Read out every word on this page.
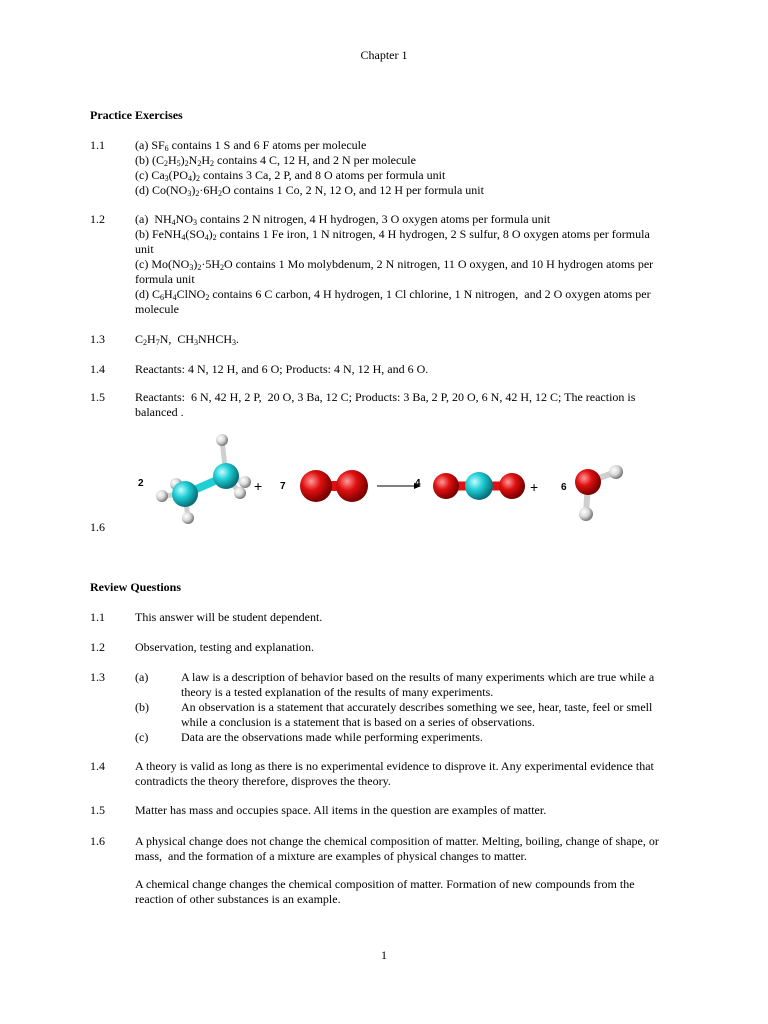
Chapter 1
Practice Exercises
1.1	(a) $SF_6$ contains 1 S and 6 F atoms per molecule
(b) $(C_2H_5)_2N_2H_2$ contains 4 C, 12 H, and 2 N per molecule
(c) $Ca_3(PO_4)_2$ contains 3 Ca, 2 P, and 8 O atoms per formula unit
(d) $Co(NO_3)_2\cdot 6H_2O$ contains 1 Co, 2 N, 12 O, and 12 H per formula unit
1.2	(a)  $NH_4NO_3$ contains 2 N nitrogen, 4 H hydrogen, 3 O oxygen atoms per formula unit
(b) $FeNH_4(SO_4)_2$ contains 1 Fe iron, 1 N nitrogen, 4 H hydrogen, 2 S sulfur, 8 O oxygen atoms per formula
unit
(c) $Mo(NO_3)_2\cdot 5H_2O$ contains 1 Mo molybdenum, 2 N nitrogen, 11 O oxygen, and 10 H hydrogen atoms per
formula unit
(d) $C_6H_4ClNO_2$ contains 6 C carbon, 4 H hydrogen, 1 Cl chlorine, 1 N nitrogen,  and 2 O oxygen atoms per
molecule
1.3	$C_2H_7N$,  $CH_3NHCH_3$.
1.4	Reactants: 4 N, 12 H, and 6 O; Products: 4 N, 12 H, and 6 O.
1.5	Reactants:  6 N, 42 H, 2 P,  20 O, 3 Ba, 12 C; Products: 3 Ba, 2 P, 20 O, 6 N, 42 H, 12 C; The reaction is
balanced .
2	+ 7	4	+ 6
1.6
Review Questions
1.1	This answer will be student dependent.
1.2	Observation, testing and explanation.
1.3	(a)	A law is a description of behavior based on the results of many experiments which are true while a
theory is a tested explanation of the results of many experiments.
(b)	An observation is a statement that accurately describes something we see, hear, taste, feel or smell
while a conclusion is a statement that is based on a series of observations.
(c)	Data are the observations made while performing experiments.
1.4	A theory is valid as long as there is no experimental evidence to disprove it. Any experimental evidence that
contradicts the theory therefore, disproves the theory.
1.5	Matter has mass and occupies space. All items in the question are examples of matter.
1.6	A physical change does not change the chemical composition of matter. Melting, boiling, change of shape, or
mass,  and the formation of a mixture are examples of physical changes to matter.
A chemical change changes the chemical composition of matter. Formation of new compounds from the
reaction of other substances is an example.
1
